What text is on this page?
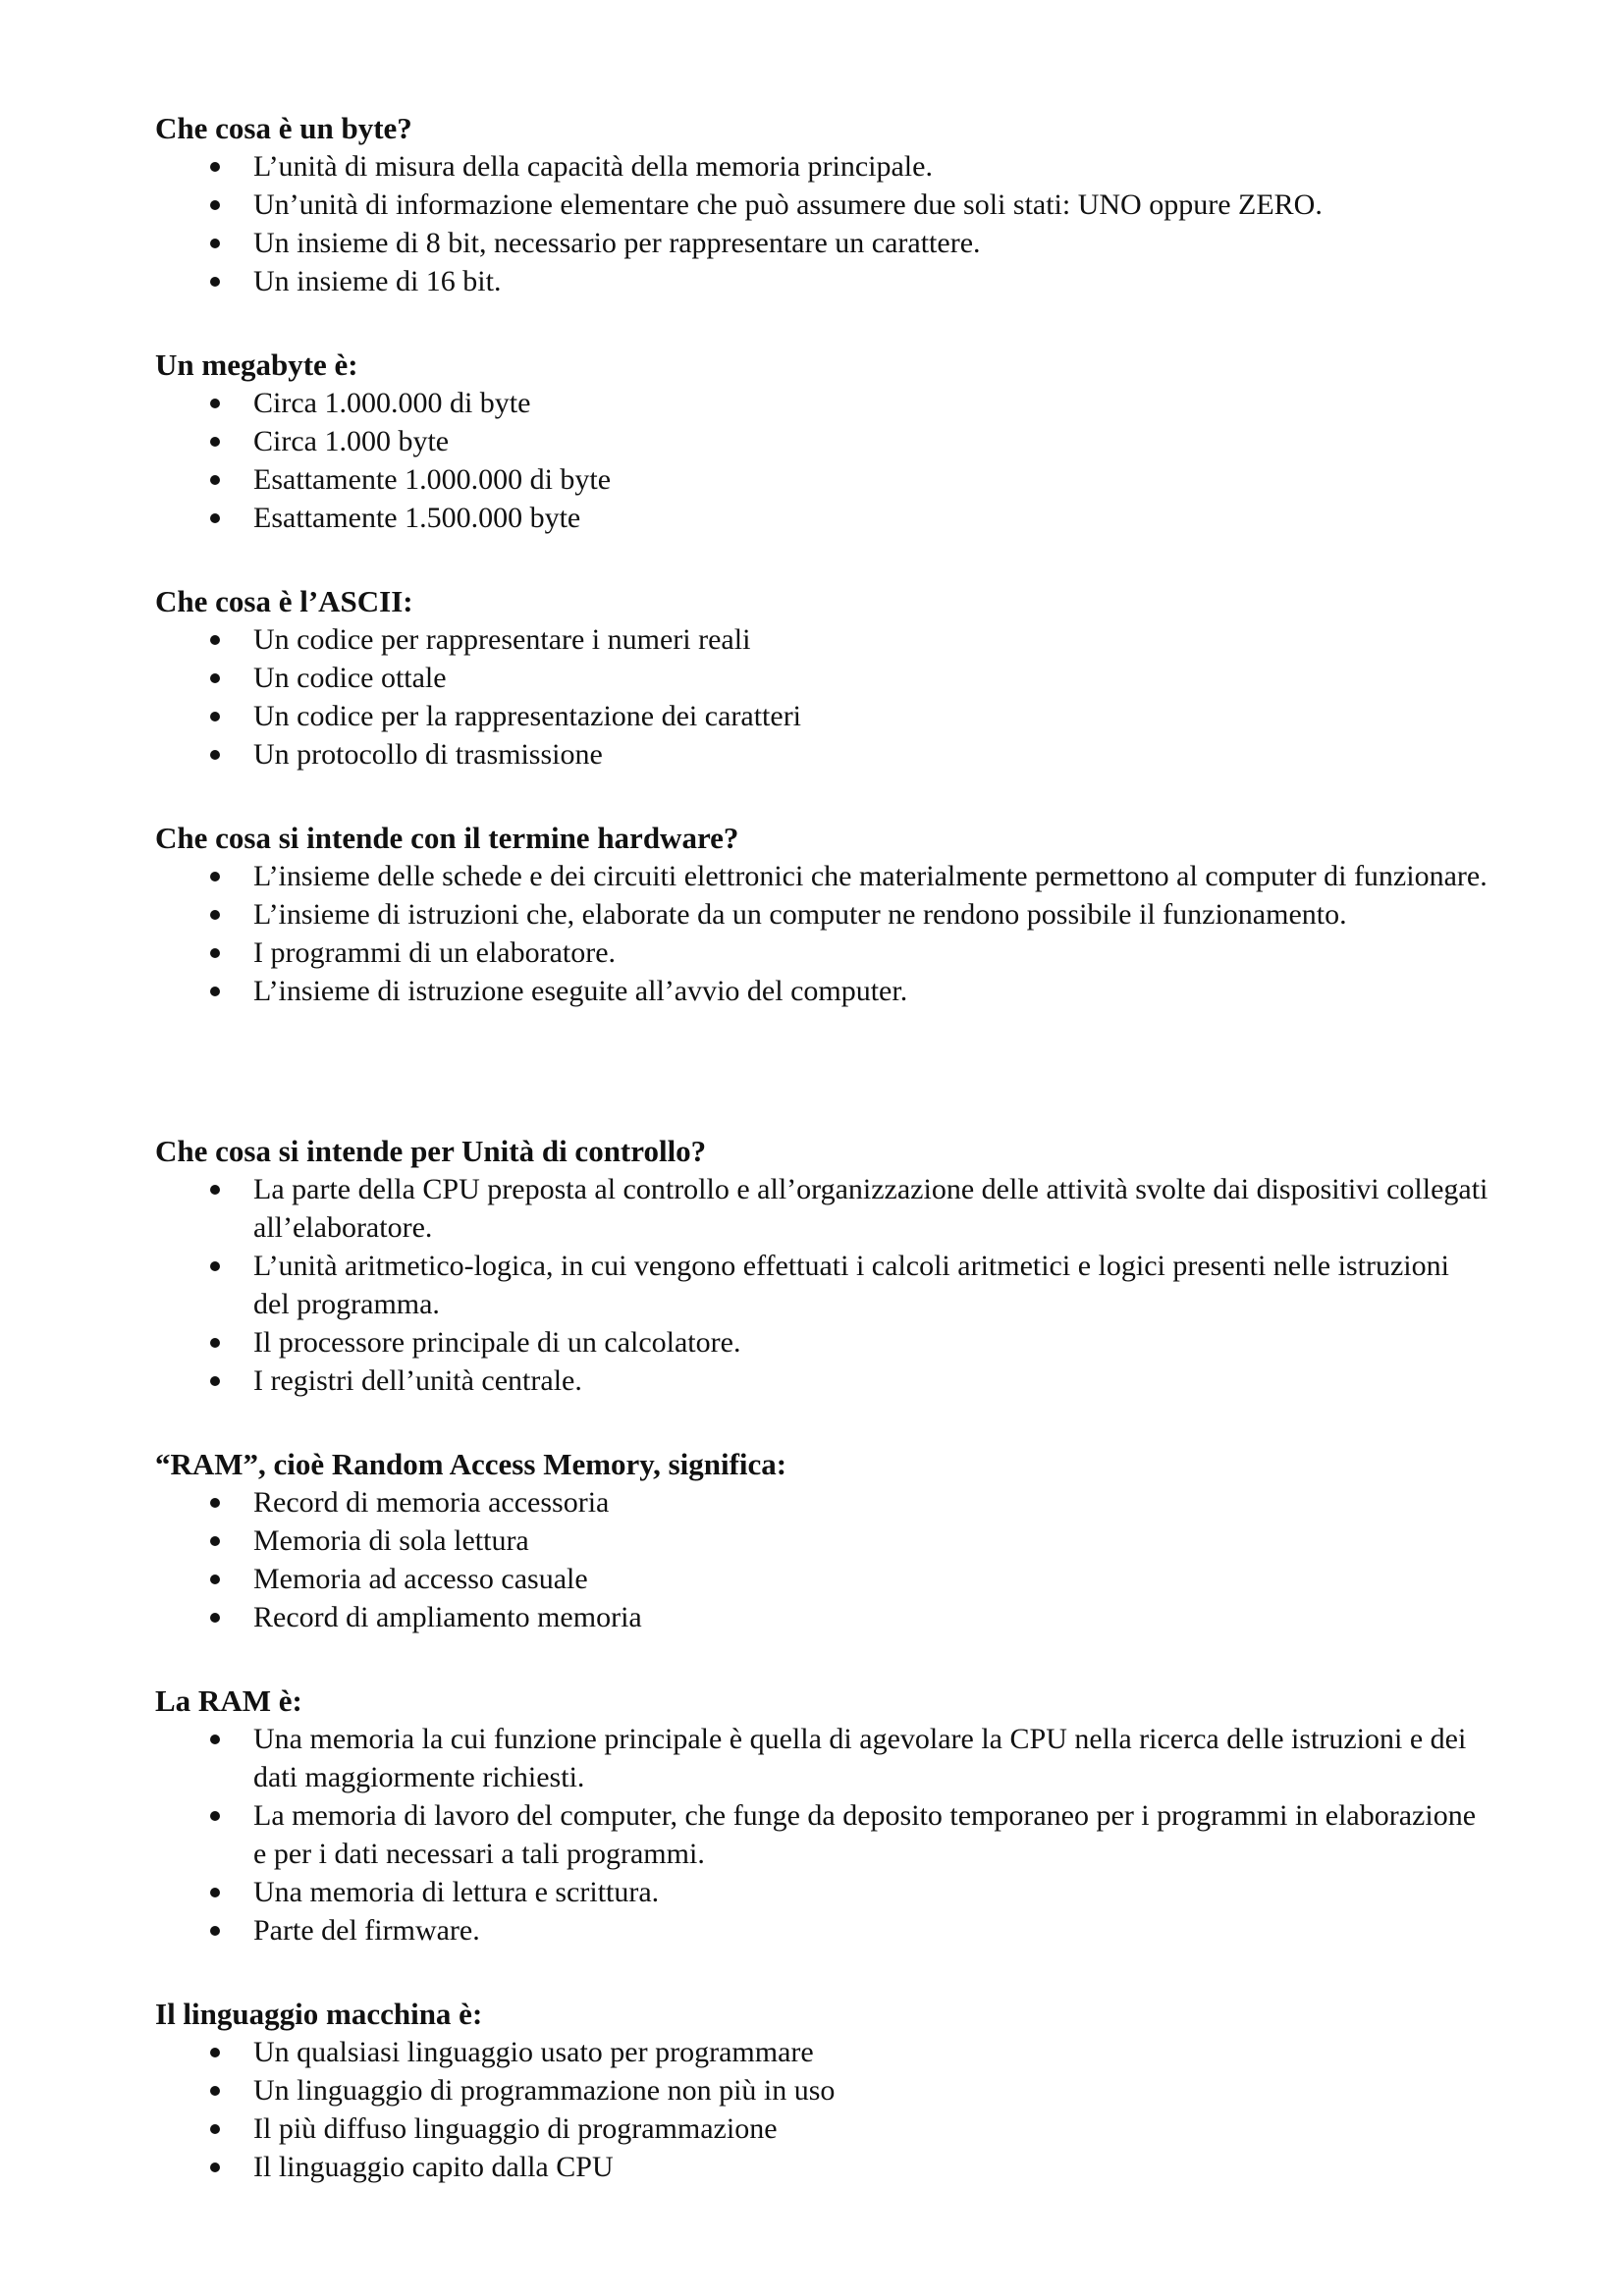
Che cosa è un byte?
L’unità di misura della capacità della memoria principale.
Un’unità di informazione elementare che può assumere due soli stati: UNO oppure ZERO.
Un insieme di 8 bit, necessario per rappresentare un carattere.
Un insieme di 16 bit.
Un megabyte è:
Circa 1.000.000 di byte
Circa 1.000 byte
Esattamente 1.000.000 di byte
Esattamente 1.500.000 byte
Che cosa è l’ASCII:
Un codice per rappresentare i numeri reali
Un codice ottale
Un codice per la rappresentazione dei caratteri
Un protocollo di trasmissione
Che cosa si intende con il termine hardware?
L’insieme delle schede e dei circuiti elettronici che materialmente permettono al computer di funzionare.
L’insieme di istruzioni che, elaborate da un computer ne rendono possibile il funzionamento.
I programmi di un elaboratore.
L’insieme di istruzione eseguite all’avvio del computer.
Che cosa si intende per Unità di controllo?
La parte della CPU preposta al controllo e all’organizzazione delle attività svolte dai dispositivi collegati all’elaboratore.
L’unità aritmetico-logica, in cui vengono effettuati i calcoli aritmetici e logici presenti nelle istruzioni del programma.
Il processore principale di un calcolatore.
I registri dell’unità centrale.
“RAM”, cioè Random Access Memory, significa:
Record di memoria accessoria
Memoria di sola lettura
Memoria ad accesso casuale
Record di ampliamento memoria
La RAM è:
Una memoria la cui funzione principale è quella di agevolare la CPU nella ricerca delle istruzioni e dei dati maggiormente richiesti.
La memoria di lavoro del computer, che funge da deposito temporaneo per i programmi in elaborazione e per i dati necessari a tali programmi.
Una memoria di lettura e scrittura.
Parte del firmware.
Il linguaggio macchina è:
Un qualsiasi linguaggio usato per programmare
Un linguaggio di programmazione non più in uso
Il più diffuso linguaggio di programmazione
Il linguaggio capito dalla CPU
